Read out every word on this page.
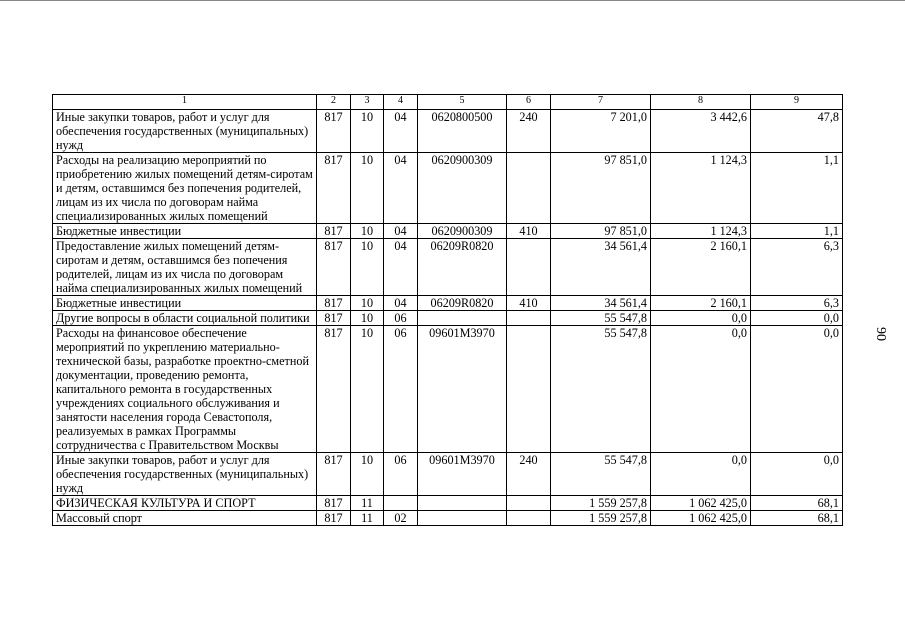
90
1	2	3	4	5	6	7	8	9
Иные закупки товаров, работ и услуг для обеспечения государственных (муниципальных) нужд	817	10	04	0620800500	240	7 201,0	3 442,6	47,8
Расходы на реализацию мероприятий по приобретению жилых помещений детям-сиротам и детям, оставшимся без попечения родителей, лицам из их числа по договорам найма специализированных жилых помещений	817	10	04	0620900309		97 851,0	1 124,3	1,1
Бюджетные инвестиции	817	10	04	0620900309	410	97 851,0	1 124,3	1,1
Предоставление жилых помещений детям-сиротам и детям, оставшимся без попечения родителей, лицам из их числа по договорам найма специализированных жилых помещений	817	10	04	06209R0820		34 561,4	2 160,1	6,3
Бюджетные инвестиции	817	10	04	06209R0820	410	34 561,4	2 160,1	6,3
Другие вопросы в области социальной политики	817	10	06			55 547,8	0,0	0,0
Расходы на финансовое обеспечение мероприятий по укреплению материально-технической базы, разработке проектно-сметной документации, проведению ремонта, капитального ремонта в государственных учреждениях социального обслуживания и занятости населения города Севастополя, реализуемых в рамках Программы сотрудничества с Правительством Москвы	817	10	06	09601М3970		55 547,8	0,0	0,0
Иные закупки товаров, работ и услуг для обеспечения государственных (муниципальных) нужд	817	10	06	09601М3970	240	55 547,8	0,0	0,0
ФИЗИЧЕСКАЯ КУЛЬТУРА И СПОРТ	817	11				1 559 257,8	1 062 425,0	68,1
Массовый спорт	817	11	02			1 559 257,8	1 062 425,0	68,1
